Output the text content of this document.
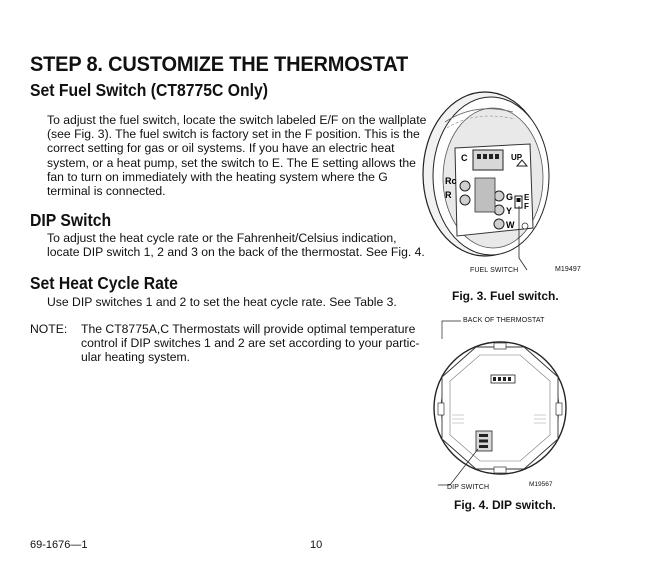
STEP 8. CUSTOMIZE THE THERMOSTAT
Set Fuel Switch (CT8775C Only)
To adjust the fuel switch, locate the switch labeled E/F on the wallplate
(see Fig. 3). The fuel switch is factory set in the F position. This is the
correct setting for gas or oil systems. If you have an electric heat
system, or a heat pump, set the switch to E. The E setting allows the
fan to turn on immediately with the heating system where the G
terminal is connected.
DIP Switch
To adjust the heat cycle rate or the Fahrenheit/Celsius indication,
locate DIP switch 1, 2 and 3 on the back of the thermostat. See Fig. 4.
Set Heat Cycle Rate
Use DIP switches 1 and 2 to set the heat cycle rate. See Table 3.
NOTE: The CT8775A,C Thermostats will provide optimal temperature
control if DIP switches 1 and 2 are set according to your partic-
ular heating system.
C	UP
Rc
R	G
Y
W
E
F
FUEL SWITCH	M19497
Fig. 3. Fuel switch.
BACK OF THERMOSTAT
M19567
DIP SWITCH
Fig. 4. DIP switch.
69-1676—1	10
